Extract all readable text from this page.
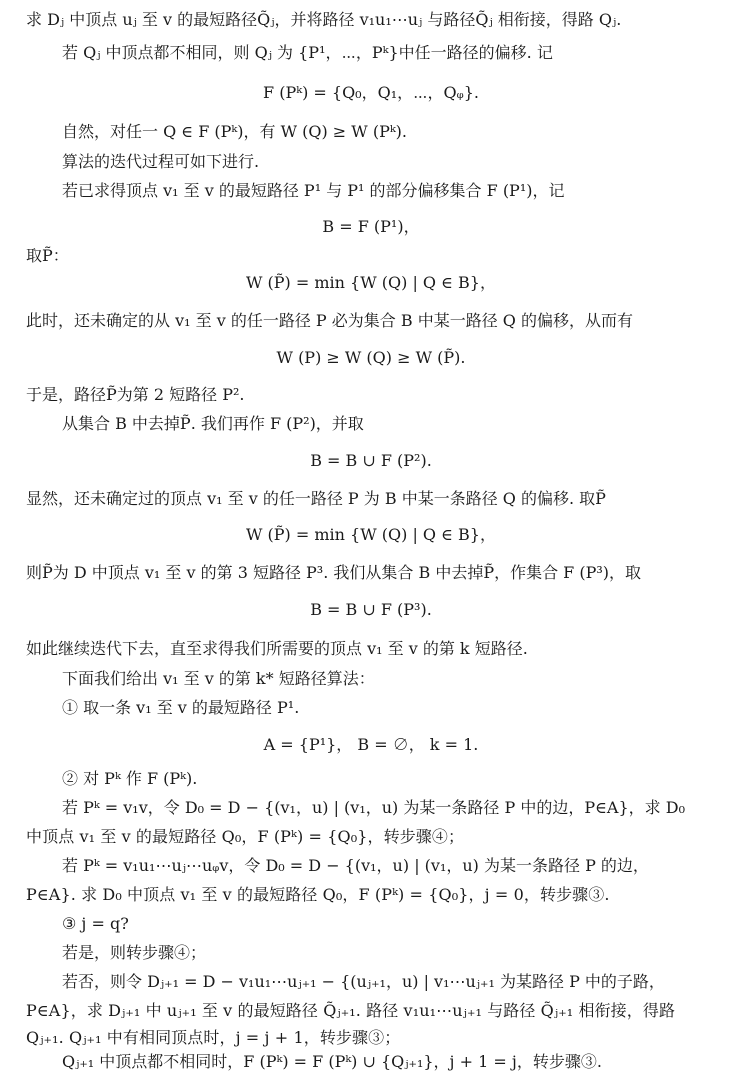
求 Dⱼ 中顶点 uⱼ 至 v 的最短路径Q̃ⱼ，并将路径 v₁u₁⋯uⱼ 与路径Q̃ⱼ 相衔接，得路 Qⱼ.
若 Qⱼ 中顶点都不相同，则 Qⱼ 为 {P¹，⋯，Pᵏ}中任一路径的偏移. 记
F (Pᵏ) = {Q₀，Q₁，⋯，Qᵩ}.
自然，对任一 Q ∈ F (Pᵏ)，有 W (Q) ≥ W (Pᵏ).
算法的迭代过程可如下进行.
若已求得顶点 v₁ 至 v 的最短路径 P¹ 与 P¹ 的部分偏移集合 F (P¹)，记
B = F (P¹)，
取P̃：
W (P̃) = min {W (Q) | Q ∈ B}，
此时，还未确定的从 v₁ 至 v 的任一路径 P 必为集合 B 中某一路径 Q 的偏移，从而有
W (P) ≥ W (Q) ≥ W (P̃).
于是，路径P̃为第 2 短路径 P².
从集合 B 中去掉P̃. 我们再作 F (P²)，并取
B = B ∪ F (P²).
显然，还未确定过的顶点 v₁ 至 v 的任一路径 P 为 B 中某一条路径 Q 的偏移. 取P̃
W (P̃) = min {W (Q) | Q ∈ B}，
则P̃为 D 中顶点 v₁ 至 v 的第 3 短路径 P³. 我们从集合 B 中去掉P̃，作集合 F (P³)，取
B = B ∪ F (P³).
如此继续迭代下去，直至求得我们所需要的顶点 v₁ 至 v 的第 k 短路径.
下面我们给出 v₁ 至 v 的第 k* 短路径算法：
① 取一条 v₁ 至 v 的最短路径 P¹.
A = {P¹}， B = ∅， k = 1.
② 对 Pᵏ 作 F (Pᵏ).
若 Pᵏ = v₁v，令 D₀ = D − {(v₁，u) | (v₁，u) 为某一条路径 P 中的边，P∈A}，求 D₀
中顶点 v₁ 至 v 的最短路径 Q₀，F (Pᵏ) = {Q₀}，转步骤④；
若 Pᵏ = v₁u₁⋯uⱼ⋯uᵩv，令 D₀ = D − {(v₁，u) | (v₁，u) 为某一条路径 P 的边，
P∈A}. 求 D₀ 中顶点 v₁ 至 v 的最短路径 Q₀，F (Pᵏ) = {Q₀}，j = 0，转步骤③.
③ j = q?
若是，则转步骤④；
若否，则令 Dⱼ₊₁ = D − v₁u₁⋯uⱼ₊₁ − {(uⱼ₊₁，u) | v₁⋯uⱼ₊₁ 为某路径 P 中的子路，
P∈A}，求 Dⱼ₊₁ 中 uⱼ₊₁ 至 v 的最短路径 Q̃ⱼ₊₁. 路径 v₁u₁⋯uⱼ₊₁ 与路径 Q̃ⱼ₊₁ 相衔接，得路
Qⱼ₊₁. Qⱼ₊₁ 中有相同顶点时，j = j + 1，转步骤③；
Qⱼ₊₁ 中顶点都不相同时，F (Pᵏ) = F (Pᵏ) ∪ {Qⱼ₊₁}，j + 1 = j，转步骤③.
